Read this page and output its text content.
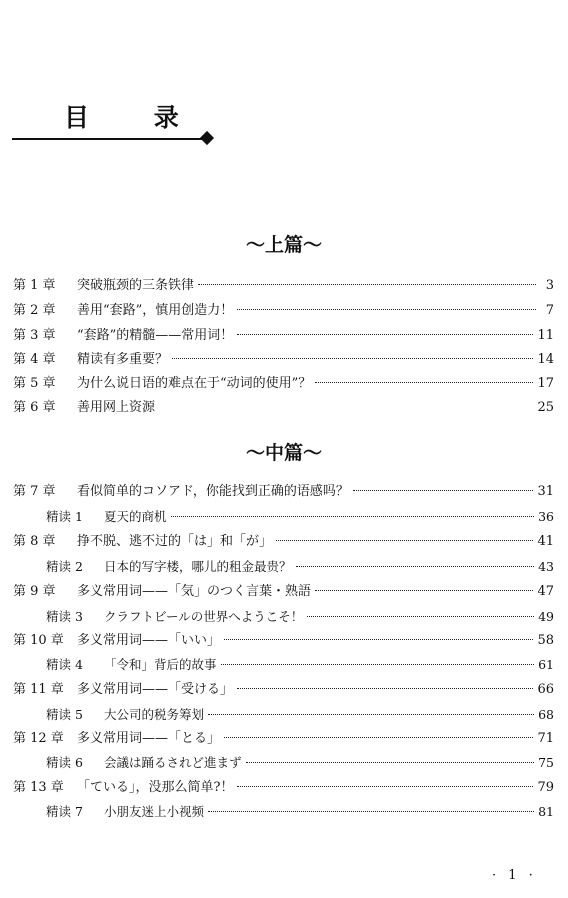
目 录
～上篇～
第 1 章	突破瓶颈的三条铁律	3
第 2 章	善用“套路”，慎用创造力！	7
第 3 章	“套路”的精髓——常用词！	11
第 4 章	精读有多重要？	14
第 5 章	为什么说日语的难点在于“动词的使用”？	17
第 6 章	善用网上资源	25
～中篇～
第 7 章	看似简单的コソアド，你能找到正确的语感吗？	31
精读 1	夏天的商机	36
第 8 章	挣不脱、逃不过的「は」和「が」	41
精读 2	日本的写字楼，哪儿的租金最贵？	43
第 9 章	多义常用词——「気」のつく言葉・熟語	47
精读 3	クラフトビールの世界へようこそ！	49
第 10 章	多义常用词——「いい」	58
精读 4	「令和」背后的故事	61
第 11 章	多义常用词——「受ける」	66
精读 5	大公司的税务筹划	68
第 12 章	多义常用词——「とる」	71
精读 6	会議は踊るされど進まず	75
第 13 章	「ている」，没那么简单?！	79
精读 7	小朋友迷上小视频	81
· 1 ·
